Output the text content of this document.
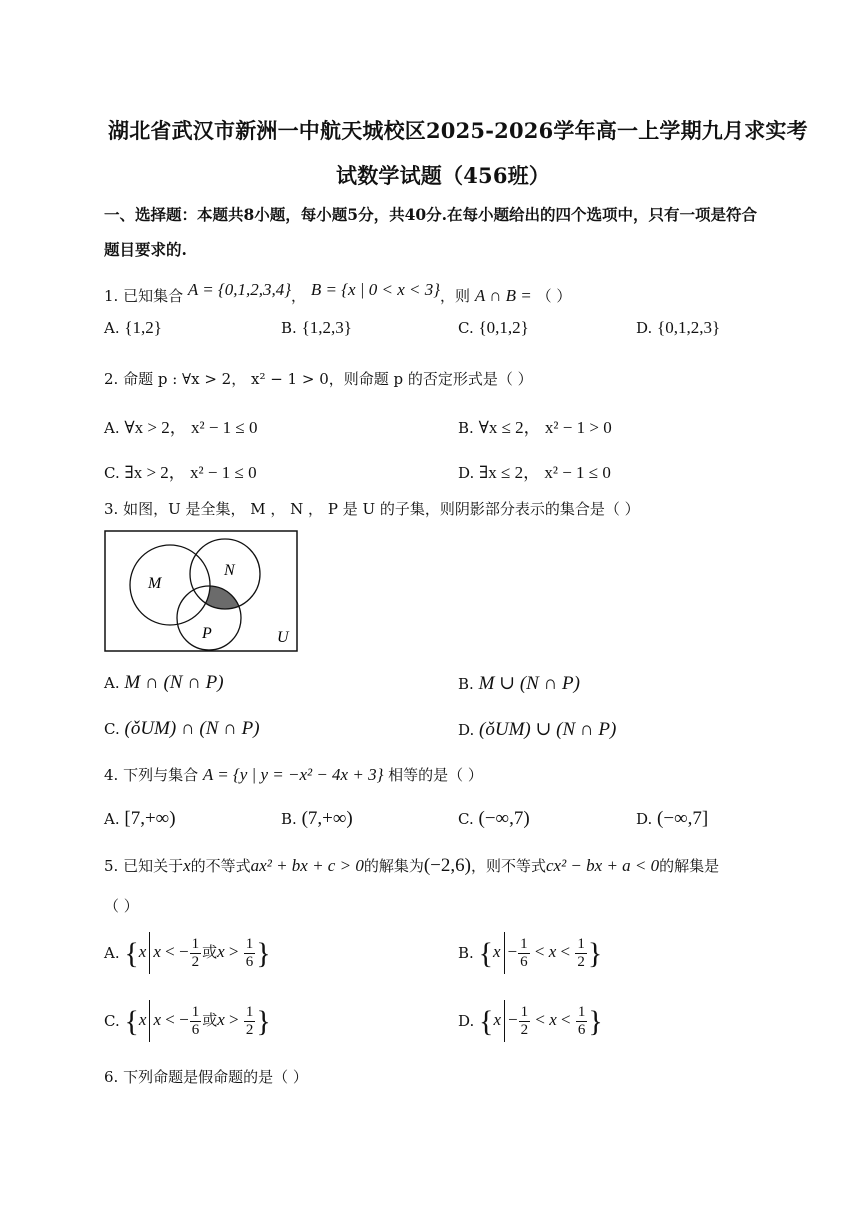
湖北省武汉市新洲一中航天城校区2025-2026学年高一上学期九月求实考
试数学试题（456班）
一、选择题：本题共8小题，每小题5分，共40分.在每小题给出的四个选项中，只有一项是符合
题目要求的.
1. 已知集合 A = {0,1,2,3,4}， B = {x | 0 < x < 3}，则 A ∩ B = （ ）
A. {1,2}	B. {1,2,3}	C. {0,1,2}	D. {0,1,2,3}
2. 命题 p : ∀x > 2， x² − 1 > 0，则命题 p 的否定形式是（ ）
A. ∀x > 2， x² − 1 ≤ 0	B. ∀x ≤ 2， x² − 1 > 0
C. ∃x > 2， x² − 1 ≤ 0	D. ∃x ≤ 2， x² − 1 ≤ 0
3. 如图，U 是全集， M ， N ， P 是 U 的子集，则阴影部分表示的集合是（ ）
M
N
P	U
A. M ∩ (N ∩ P)	B. M ∪ (N ∩ P)
C. (ǒUM) ∩ (N ∩ P)	D. (ǒUM) ∪ (N ∩ P)
4. 下列与集合 A = {y | y = −x² − 4x + 3} 相等的是（ ）
A. [7,+∞)	B. (7,+∞)	C. (−∞,7)	D. (−∞,7]
5. 已知关于x的不等式ax² + bx + c > 0的解集为(−2,6)，则不等式cx² − bx + a < 0的解集是
（ ）
A. {x x < − $\frac{1}{2}$ 或$x > \frac{1}{6}$ }	B. {$x - \frac{1}{6} < x < \frac{1}{2}$ }
C. {x x < − $\frac{1}{6}$ 或$x > \frac{1}{2}$ }	D. {$x - \frac{1}{2} < x < \frac{1}{6}$ }
6. 下列命题是假命题的是（ ）
